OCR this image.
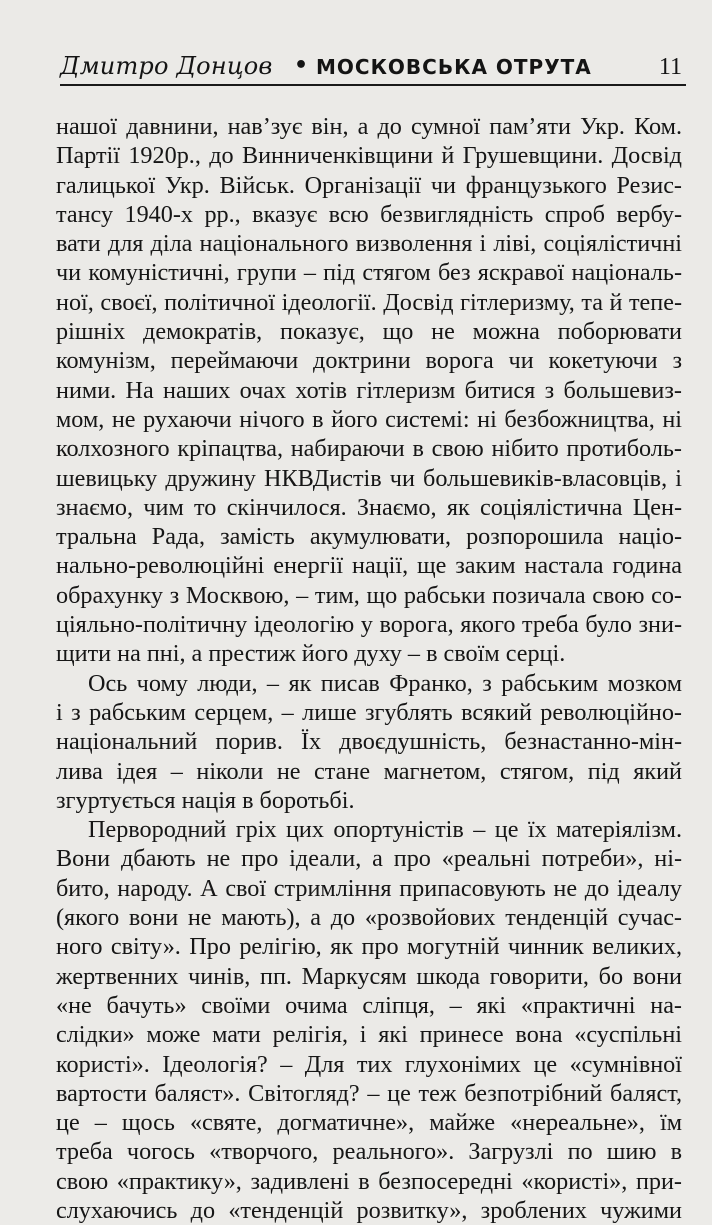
Дмитро Донцов • МОСКОВСЬКА ОТРУТА	11
нашої давнини, нав’зує він, а до сумної пам’яти Укр. Ком.
Партії 1920р., до Винниченківщини й Грушевщини. Досвід
галицької Укр. Військ. Організації чи французького Резис-
тансу 1940-х рр., вказує всю безвиглядність спроб вербу-
вати для діла національного визволення і ліві, соціялістичні
чи комуністичні, групи – під стягом без яскравої національ-
ної, своєї, політичної ідеології. Досвід гітлеризму, та й тепе-
рішніх демократів, показує, що не можна поборювати
комунізм, переймаючи доктрини ворога чи кокетуючи з
ними. На наших очах хотів гітлеризм битися з большевиз-
мом, не рухаючи нічого в його системі: ні безбожництва, ні
колхозного кріпацтва, набираючи в свою нібито протиболь-
шевицьку дружину НКВДистів чи большевиків-власовців, і
знаємо, чим то скінчилося. Знаємо, як соціялістична Цен-
тральна Рада, замість акумулювати, розпорошила націо-
нально-революційні енергії нації, ще заким настала година
обрахунку з Москвою, – тим, що рабськи позичала свою со-
ціяльно-політичну ідеологію у ворога, якого треба було зни-
щити на пні, а престиж його духу – в своїм серці.
Ось чому люди, – як писав Франко, з рабським мозком
і з рабським серцем, – лише згублять всякий революційно-
національний порив. Їх двоєдушність, безнастанно-мін-
лива ідея – ніколи не стане магнетом, стягом, під який
згуртується нація в боротьбі.
Первородний гріх цих опортуністів – це їх матеріялізм.
Вони дбають не про ідеали, а про «реальні потреби», ні-
бито, народу. А свої стримління припасовують не до ідеалу
(якого вони не мають), а до «розвойових тенденцій сучас-
ного світу». Про релігію, як про могутній чинник великих,
жертвенних чинів, пп. Маркусям шкода говорити, бо вони
«не бачуть» своїми очима сліпця, – які «практичні на-
слідки» може мати релігія, і які принесе вона «суспільні
користі». Ідеологія? – Для тих глухонімих це «сумнівної
вартости баляст». Світогляд? – це теж безпотрібний баляст,
це – щось «святе, догматичне», майже «нереальне», їм
треба чогось «творчого, реального». Загрузлі по шию в
свою «практику», задивлені в безпосередні «користі», при-
слухаючись до «тенденцій розвитку», зроблених чужими
